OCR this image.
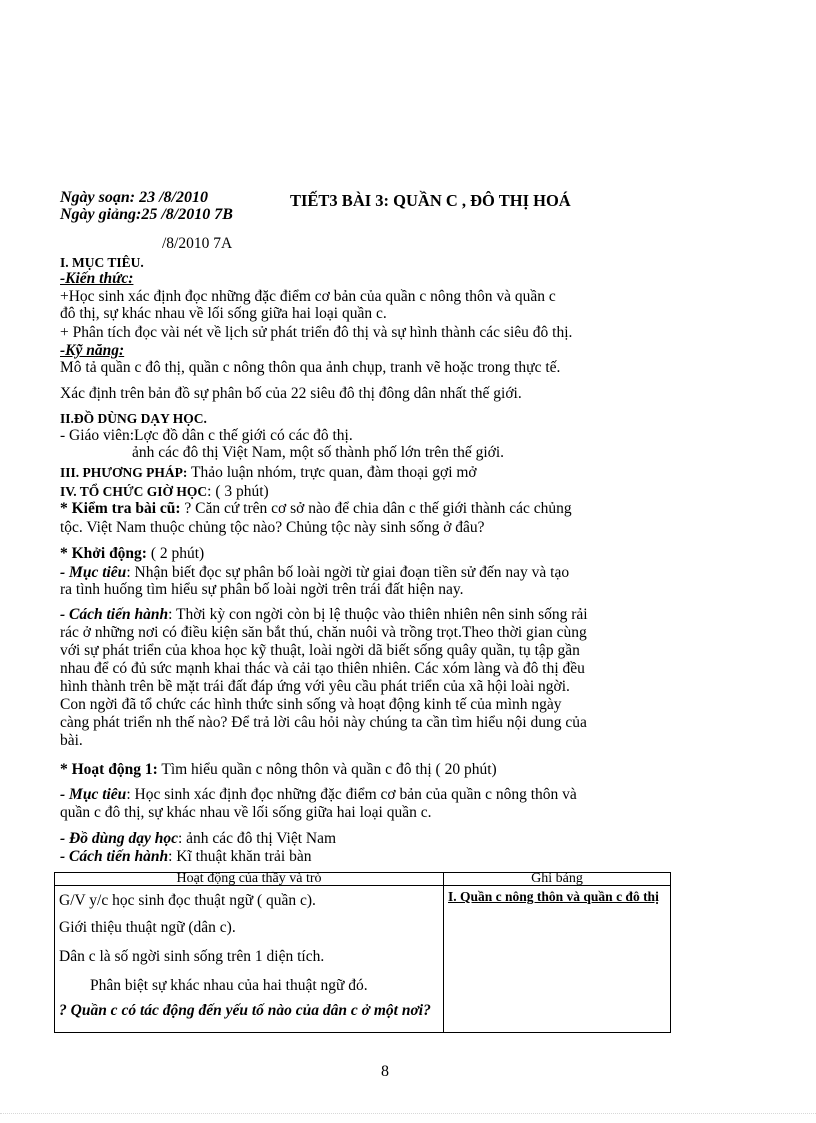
Ngày soạn: 23 /8/2010
Ngày giảng:25 /8/2010 7B
/8/2010 7A
TIẾT3 BÀI 3: QUẦN C , ĐÔ THỊ HOÁ
I. MỤC TIÊU.
-Kiến thức:
+Học sinh xác định đọc những đặc điểm cơ bản của quần c nông thôn và quần c
đô thị, sự khác nhau về lối sống giữa hai loại quần c.
+ Phân tích đọc vài nét về lịch sử phát triển đô thị và sự hình thành các siêu đô thị.
-Kỹ năng:
Mô tả quần c đô thị, quần c nông thôn qua ảnh chụp, tranh vẽ hoặc trong thực tế.
Xác định trên bản đồ sự phân bố của 22 siêu đô thị đông dân nhất thế giới.
II.ĐỒ DÙNG DẠY HỌC.
- Giáo viên:Lợc đồ dân c thế giới có các đô thị.
ảnh các đô thị Việt Nam, một số thành phố lớn trên thế giới.
III. PHƯƠNG PHÁP: Thảo luận nhóm, trực quan, đàm thoại gợi mở
IV. TỔ CHỨC GIỜ HỌC: ( 3 phút)
* Kiểm tra bài cũ: ? Căn cứ trên cơ sở nào để chia dân c thế giới thành các chủng
tộc. Việt Nam thuộc chủng tộc nào? Chủng tộc này sinh sống ở đâu?
* Khởi động: ( 2 phút)
- Mục tiêu: Nhận biết đọc sự phân bố loài ngời từ giai đoạn tiền sử đến nay và tạo
ra tình huống tìm hiểu sự phân bố loài ngời trên trái đất hiện nay.
- Cách tiến hành: Thời kỳ con ngời còn bị lệ thuộc vào thiên nhiên nên sinh sống rải
rác ở những nơi có điều kiện săn bắt thú, chăn nuôi và trồng trọt.Theo thời gian cùng
với sự phát triển của khoa học kỹ thuật, loài ngời dã biết sống quây quần, tụ tập gần
nhau để có đủ sức mạnh khai thác và cải tạo thiên nhiên. Các xóm làng và đô thị đều
hình thành trên bề mặt trái đất đáp ứng với yêu cầu phát triển của xã hội loài ngời.
Con ngời đã tổ chức các hình thức sinh sống và hoạt động kinh tế của mình ngày
càng phát triển nh thế nào? Để trả lời câu hỏi này chúng ta cần tìm hiểu nội dung của
bài.
* Hoạt động 1: Tìm hiểu quần c nông thôn và quần c đô thị ( 20 phút)
- Mục tiêu: Học sinh xác định đọc những đặc điểm cơ bản của quần c nông thôn và
quần c đô thị, sự khác nhau về lối sống giữa hai loại quần c.
- Đồ dùng dạy học: ảnh các đô thị Việt Nam
- Cách tiến hành: Kĩ thuật khăn trải bàn
Hoạt động của thầy và trò	Ghi bảng

G/V y/c học sinh đọc thuật ngữ ( quần c).

Giới thiệu thuật ngữ (dân c).

Dân c là số ngời sinh sống trên 1 diện tích.

Phân biệt sự khác nhau của hai thuật ngữ đó.

? Quần c có tác động đến yếu tố nào của dân c ở một nơi?	I. Quần c nông thôn và quần c đô thị

8
